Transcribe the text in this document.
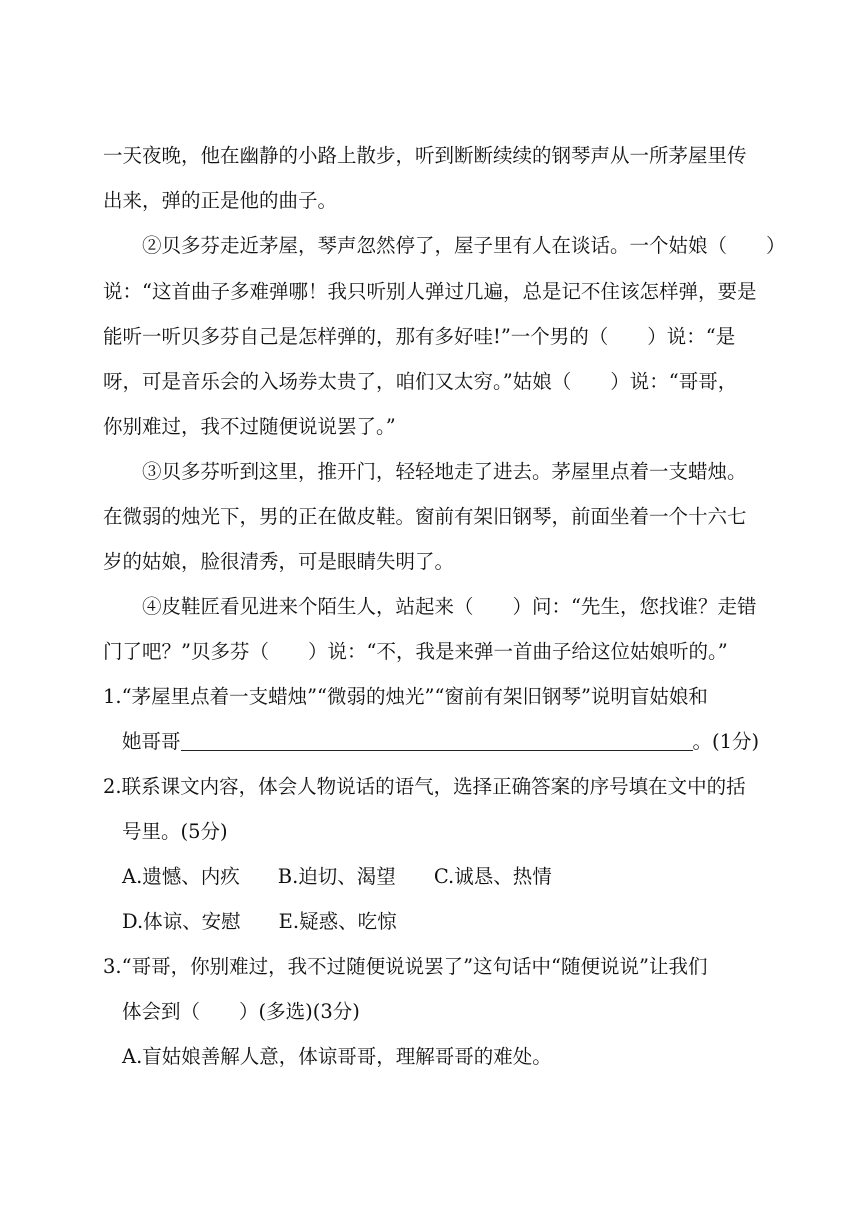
一天夜晚，他在幽静的小路上散步，听到断断续续的钢琴声从一所茅屋里传
出来，弹的正是他的曲子。
②贝多芬走近茅屋，琴声忽然停了，屋子里有人在谈话。一个姑娘（　　）
说：“这首曲子多难弹哪！我只听别人弹过几遍，总是记不住该怎样弹，要是
能听一听贝多芬自己是怎样弹的，那有多好哇!”一个男的（　　）说：“是
呀，可是音乐会的入场券太贵了，咱们又太穷。”姑娘（　　）说：“哥哥，
你别难过，我不过随便说说罢了。”
③贝多芬听到这里，推开门，轻轻地走了进去。茅屋里点着一支蜡烛。
在微弱的烛光下，男的正在做皮鞋。窗前有架旧钢琴，前面坐着一个十六七
岁的姑娘，脸很清秀，可是眼睛失明了。
④皮鞋匠看见进来个陌生人，站起来（　　）问：“先生，您找谁？走错
门了吧？”贝多芬（　　）说：“不，我是来弹一首曲子给这位姑娘听的。”
1.“茅屋里点着一支蜡烛”“微弱的烛光”“窗前有架旧钢琴”说明盲姑娘和
她哥哥	。(1分)
2.联系课文内容，体会人物说话的语气，选择正确答案的序号填在文中的括
号里。(5分)
A.遗憾、内疚 B.迫切、渴望 C.诚恳、热情
D.体谅、安慰 E.疑惑、吃惊
3.“哥哥，你别难过，我不过随便说说罢了”这句话中“随便说说”让我们
体会到（　　）(多选)(3分)
A.盲姑娘善解人意，体谅哥哥，理解哥哥的难处。
